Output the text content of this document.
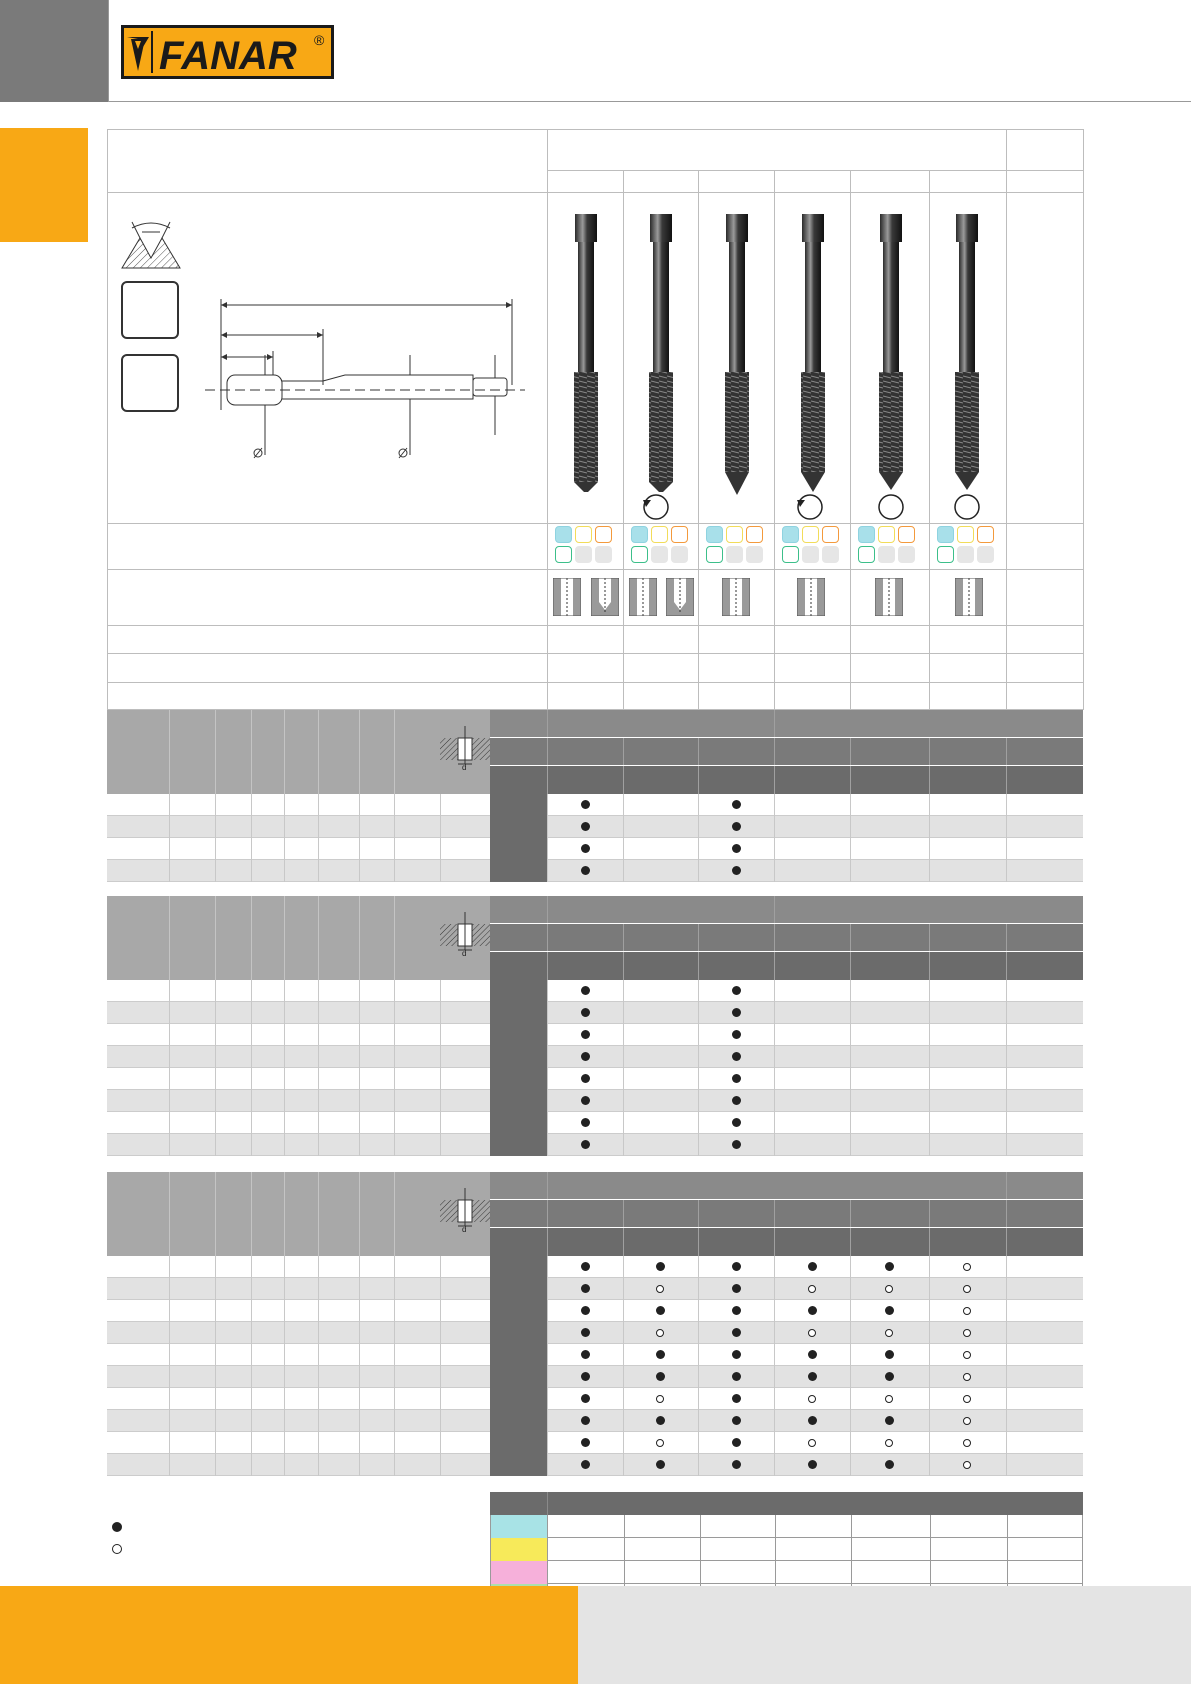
FANAR ®
d
d
d
